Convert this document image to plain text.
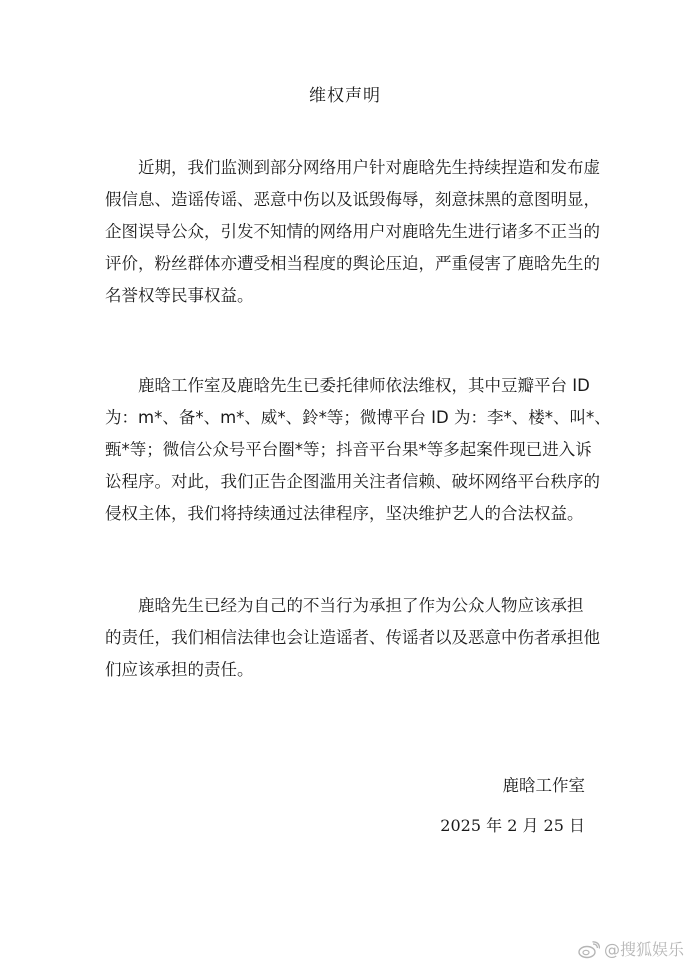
维权声明

近期，我们监测到部分网络用户针对鹿晗先生持续捏造和发布虚
假信息、造谣传谣、恶意中伤以及诋毁侮辱，刻意抹黑的意图明显，
企图误导公众，引发不知情的网络用户对鹿晗先生进行诸多不正当的
评价，粉丝群体亦遭受相当程度的舆论压迫，严重侵害了鹿晗先生的
名誉权等民事权益。

鹿晗工作室及鹿晗先生已委托律师依法维权，其中豆瓣平台 ID
为：m*、备*、m*、威*、鈴*等；微博平台 ID 为：李*、楼*、叫*、
甄*等；微信公众号平台圈*等；抖音平台果*等多起案件现已进入诉
讼程序。对此，我们正告企图滥用关注者信赖、破坏网络平台秩序的
侵权主体，我们将持续通过法律程序，坚决维护艺人的合法权益。

鹿晗先生已经为自己的不当行为承担了作为公众人物应该承担
的责任，我们相信法律也会让造谣者、传谣者以及恶意中伤者承担他
们应该承担的责任。

鹿晗工作室
2025 年 2 月 25 日
@搜狐娱乐
